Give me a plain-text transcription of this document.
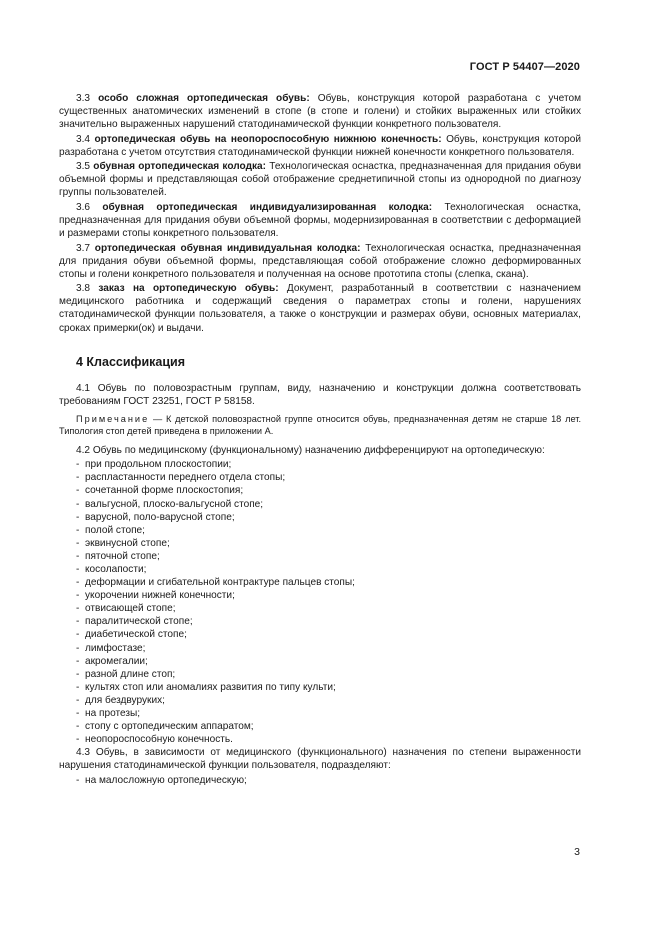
ГОСТ Р 54407—2020

3.3 особо сложная ортопедическая обувь: Обувь, конструкция которой разработана с учетом существенных анатомических изменений в стопе (в стопе и голени) и стойких выраженных или стойких значительно выраженных нарушений статодинамической функции конкретного пользователя.

3.4 ортопедическая обувь на неопороспособную нижнюю конечность: Обувь, конструкция которой разработана с учетом отсутствия статодинамической функции нижней конечности конкретного пользователя.

3.5 обувная ортопедическая колодка: Технологическая оснастка, предназначенная для придания обуви объемной формы и представляющая собой отображение среднетипичной стопы из однородной по диагнозу группы пользователей.

3.6 обувная ортопедическая индивидуализированная колодка: Технологическая оснастка, предназначенная для придания обуви объемной формы, модернизированная в соответствии с деформацией и размерами стопы конкретного пользователя.

3.7 ортопедическая обувная индивидуальная колодка: Технологическая оснастка, предназначенная для придания обуви объемной формы, представляющая собой отображение сложно деформированных стопы и голени конкретного пользователя и полученная на основе прототипа стопы (слепка, скана).

3.8 заказ на ортопедическую обувь: Документ, разработанный в соответствии с назначением медицинского работника и содержащий сведения о параметрах стопы и голени, нарушениях статодинамической функции пользователя, а также о конструкции и размерах обуви, основных материалах, сроках примерки(ок) и выдачи.

4 Классификация

4.1 Обувь по половозрастным группам, виду, назначению и конструкции должна соответствовать требованиям ГОСТ 23251, ГОСТ Р 58158.

Примечание — К детской половозрастной группе относится обувь, предназначенная детям не старше 18 лет. Типология стоп детей приведена в приложении А.

4.2 Обувь по медицинскому (функциональному) назначению дифференцируют на ортопедическую:

- при продольном плоскостопии;
- распластанности переднего отдела стопы;
- сочетанной форме плоскостопия;
- вальгусной, плоско-вальгусной стопе;
- варусной, поло-варусной стопе;
- полой стопе;
- эквинусной стопе;
- пяточной стопе;
- косолапости;
- деформации и сгибательной контрактуре пальцев стопы;
- укорочении нижней конечности;
- отвисающей стопе;
- паралитической стопе;
- диабетической стопе;
- лимфостазе;
- акромегалии;
- разной длине стоп;
- культях стоп или аномалиях развития по типу культи;
- для бездвуруких;
- на протезы;
- стопу с ортопедическим аппаратом;
- неопороспособную конечность.

4.3 Обувь, в зависимости от медицинского (функционального) назначения по степени выраженности нарушения статодинамической функции пользователя, подразделяют:

- на малосложную ортопедическую;
3
